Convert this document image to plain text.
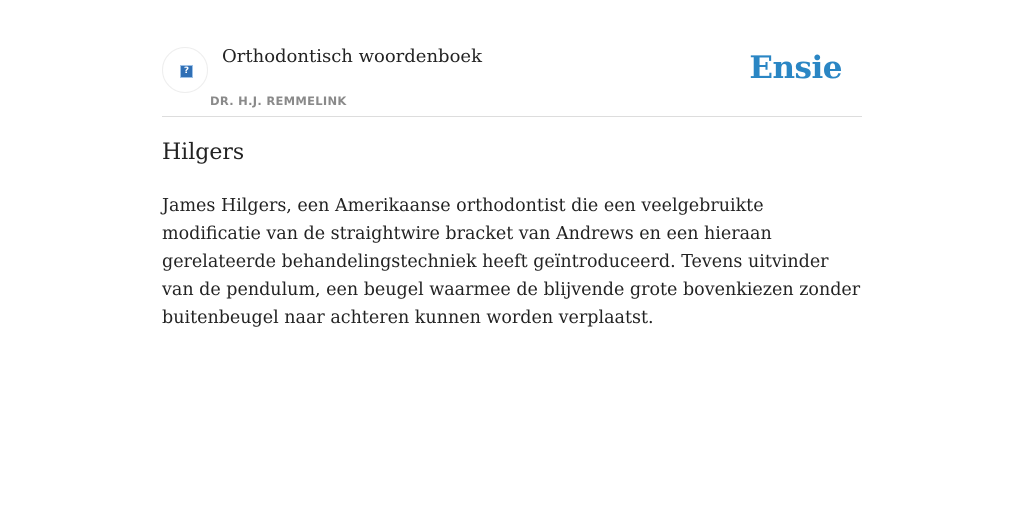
?
Orthodontisch woordenboek
DR. H.J. REMMELINK
Ensie
Hilgers

James Hilgers, een Amerikaanse orthodontist die een veelgebruikte modificatie van de straightwire bracket van Andrews en een hieraan gerelateerde behandelingstechniek heeft geïntroduceerd. Tevens uitvinder van de pendulum, een beugel waarmee de blijvende grote bovenkiezen zonder buitenbeugel naar achteren kunnen worden verplaatst.
